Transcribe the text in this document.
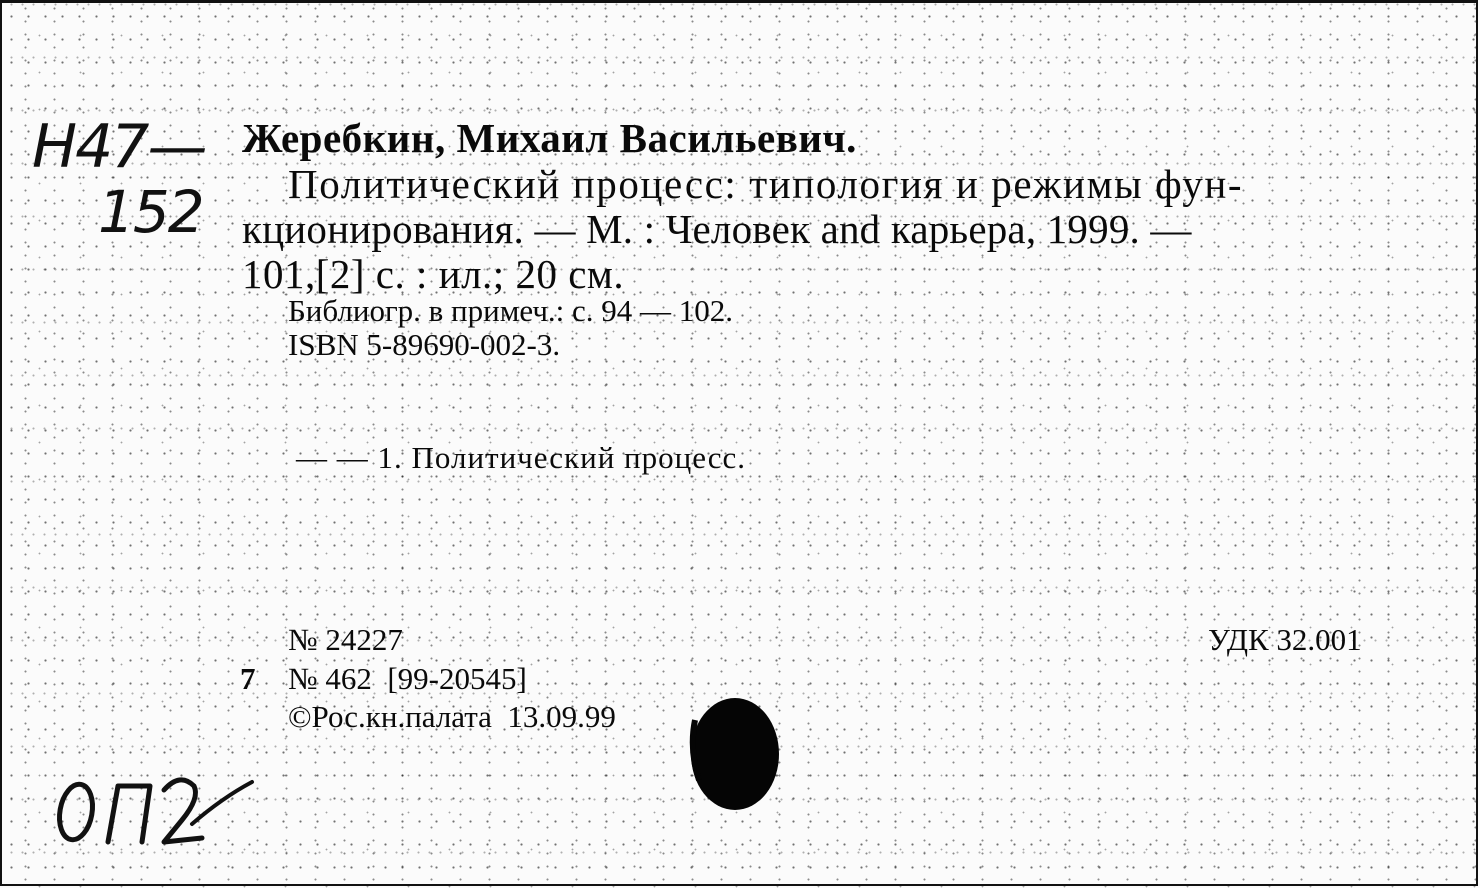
Н47—
152
Жеребкин, Михаил Васильевич.
Политический процесс: типология и режимы фун-
кционирования. — М. : Человек and карьера, 1999. —
101,[2] с. : ил.; 20 см.
Библиогр. в примеч.: с. 94 — 102.
ISBN 5-89690-002-3.
— — 1. Политический процесс.
№ 24227
7 № 462  [99-20545]
©Рос.кн.палата  13.09.99
УДК 32.001
